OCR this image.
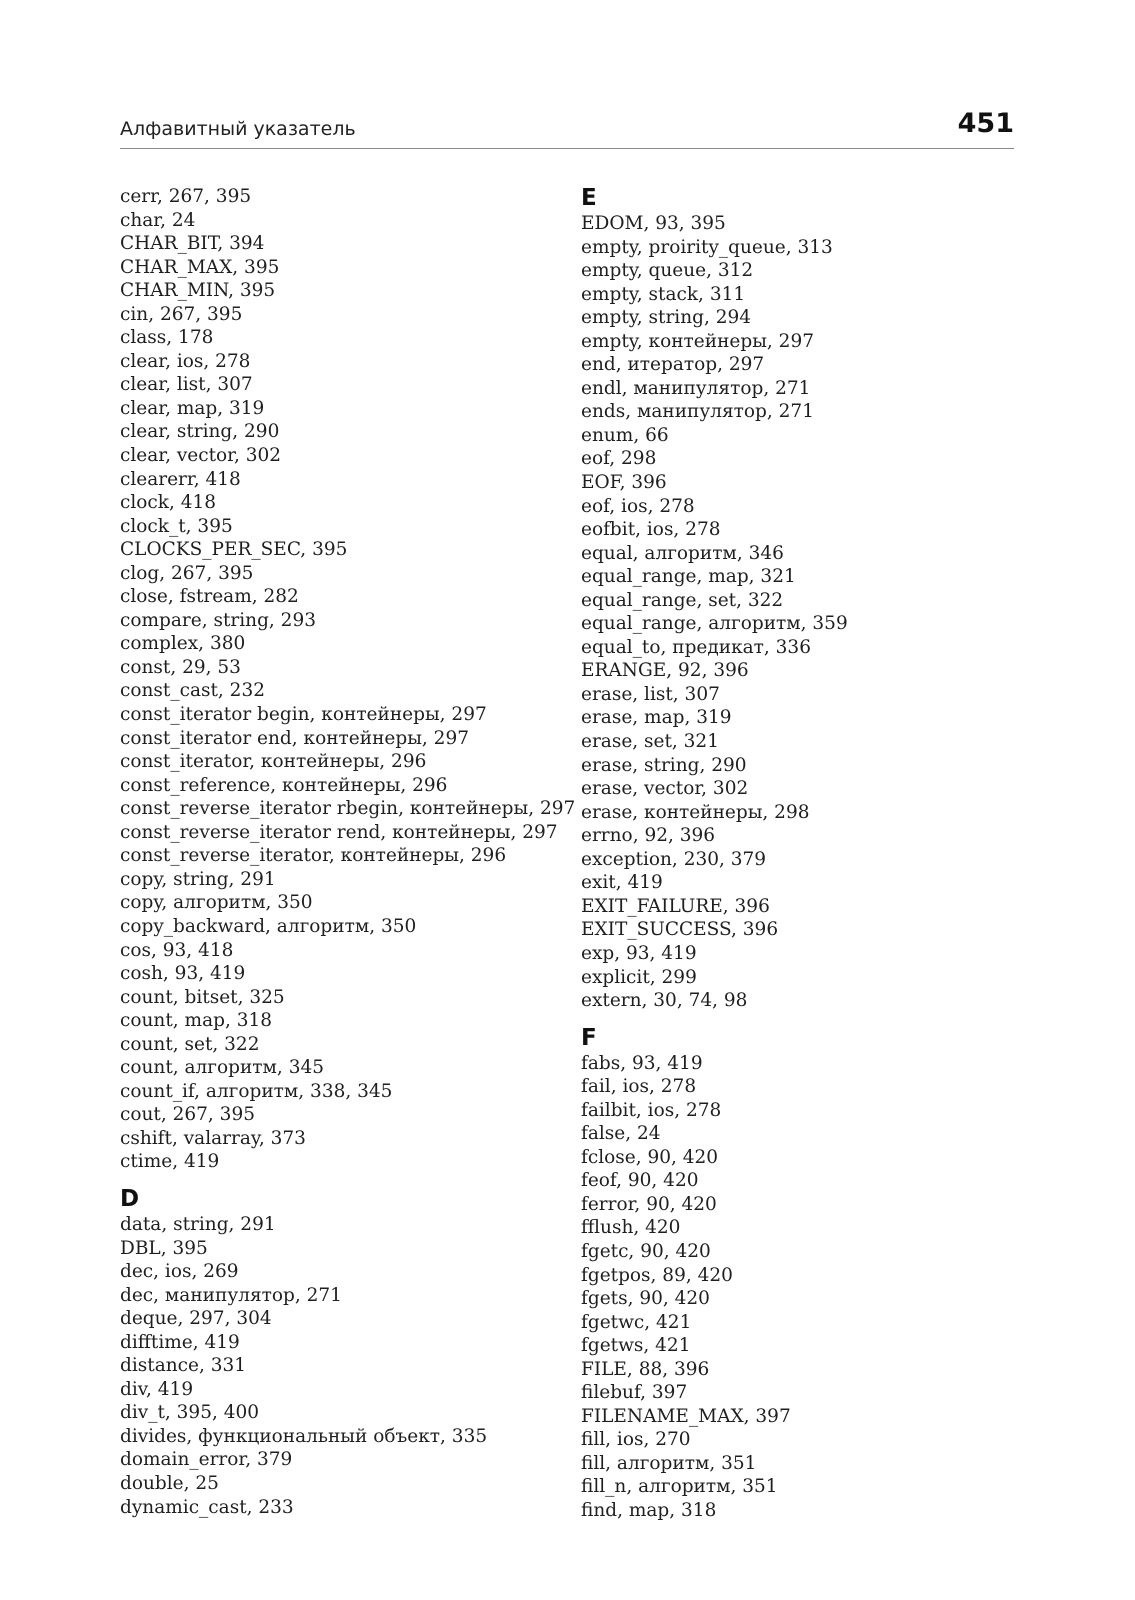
Алфавитный указатель	451
cerr, 267, 395
char, 24
CHAR_BIT, 394
CHAR_MAX, 395
CHAR_MIN, 395
cin, 267, 395
class, 178
clear, ios, 278
clear, list, 307
clear, map, 319
clear, string, 290
clear, vector, 302
clearerr, 418
clock, 418
clock_t, 395
CLOCKS_PER_SEC, 395
clog, 267, 395
close, fstream, 282
compare, string, 293
complex, 380
const, 29, 53
const_cast, 232
const_iterator begin, контейнеры, 297
const_iterator end, контейнеры, 297
const_iterator, контейнеры, 296
const_reference, контейнеры, 296
const_reverse_iterator rbegin, контейнеры, 297
const_reverse_iterator rend, контейнеры, 297
const_reverse_iterator, контейнеры, 296
copy, string, 291
copy, алгоритм, 350
copy_backward, алгоритм, 350
cos, 93, 418
cosh, 93, 419
count, bitset, 325
count, map, 318
count, set, 322
count, алгоритм, 345
count_if, алгоритм, 338, 345
cout, 267, 395
cshift, valarray, 373
ctime, 419
D
data, string, 291
DBL, 395
dec, ios, 269
dec, манипулятор, 271
deque, 297, 304
difftime, 419
distance, 331
div, 419
div_t, 395, 400
divides, функциональный объект, 335
domain_error, 379
double, 25
dynamic_cast, 233
E
EDOM, 93, 395
empty, proirity_queue, 313
empty, queue, 312
empty, stack, 311
empty, string, 294
empty, контейнеры, 297
end, итератор, 297
endl, манипулятор, 271
ends, манипулятор, 271
enum, 66
eof, 298
EOF, 396
eof, ios, 278
eofbit, ios, 278
equal, алгоритм, 346
equal_range, map, 321
equal_range, set, 322
equal_range, алгоритм, 359
equal_to, предикат, 336
ERANGE, 92, 396
erase, list, 307
erase, map, 319
erase, set, 321
erase, string, 290
erase, vector, 302
erase, контейнеры, 298
errno, 92, 396
exception, 230, 379
exit, 419
EXIT_FAILURE, 396
EXIT_SUCCESS, 396
exp, 93, 419
explicit, 299
extern, 30, 74, 98
F
fabs, 93, 419
fail, ios, 278
failbit, ios, 278
false, 24
fclose, 90, 420
feof, 90, 420
ferror, 90, 420
fflush, 420
fgetc, 90, 420
fgetpos, 89, 420
fgets, 90, 420
fgetwc, 421
fgetws, 421
FILE, 88, 396
filebuf, 397
FILENAME_MAX, 397
fill, ios, 270
fill, алгоритм, 351
fill_n, алгоритм, 351
find, map, 318
